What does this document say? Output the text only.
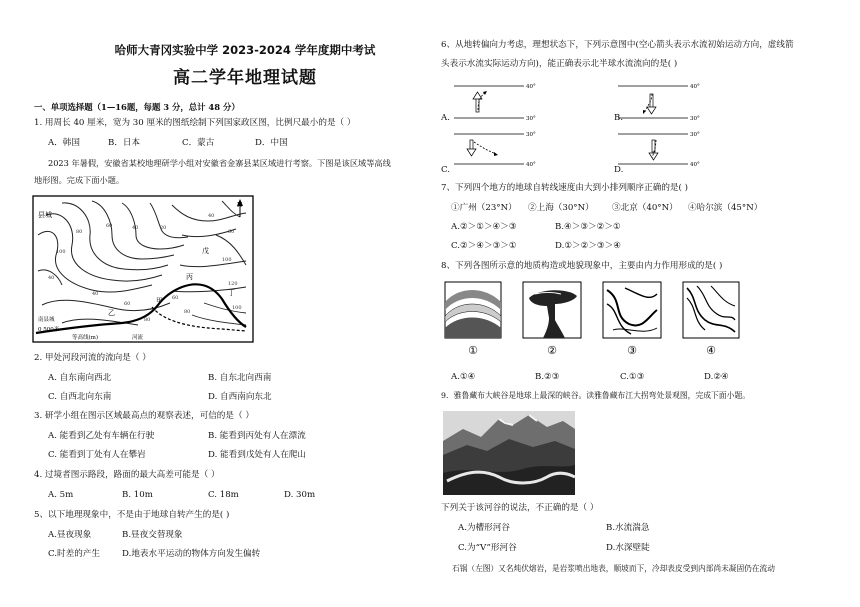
哈师大青冈实验中学 2023-2024 学年度期中考试
高二学年地理试题
一、单项选择题（1—16题，每题 3 分，总计 48 分）
1. 用周长 40 厘米，宽为 30 厘米的图纸绘制下列国家政区图，比例尺最小的是（ ）
A．韩国	B．日本	C．蒙古	D．中国
2023 年暑假，安徽省某校地理研学小组对安徽省金寨县某区域进行考察。下图是该区域等高线
地形图。完成下面小题。
N
县城
甲
乙
丙
丁
戊
南县城
0 500米
等高线(m)	河流
100
80
60	40	20
40
60
100
120
100
80
60
40
40
60
80
2. 甲处河段河流的流向是（ ）
A. 自东南向西北	B. 自东北向西南
C. 自西北向东南	D. 自西南向东北
3. 研学小组在图示区域最高点的观察表述，可信的是（ ）
A. 能看到乙处有车辆在行驶	B. 能看到丙处有人在漂流
C. 能看到丁处有人在攀岩	D. 能看到戊处有人在爬山
4. 过境者图示路段，路面的最大高差可能是（ ）
A. 5m	B. 10m	C. 18m	D. 30m
5、以下地理现象中，不是由于地球自转产生的是( )
A.昼夜现象	B.昼夜交替现象
C.时差的产生	D.地表水平运动的物体方向发生偏转
6、从地转偏向力考虑，理想状态下，下列示意图中(空心箭头表示水流初始运动方向，虚线箭
头表示水流实际运动方向)，能正确表示北半球水流流向的是( )
40°
30°
40°
30°
30°
40°
30°
40°
A.	B.
C.	D.
7、下列四个地方的地球自转线速度由大到小排列顺序正确的是( )
①广州（23°N） ②上海（30°N） ③北京（40°N） ④哈尔滨（45°N）
A.②＞①＞④＞③	B.④＞③＞②＞①
C.②＞④＞③＞①	D.①＞②＞③＞④
8、下列各图所示意的地质构造或地貌现象中，主要由内力作用形成的是( )
①	②	③	④
A.①④	B.②③	C.①③	D.②④
9．雅鲁藏布大峡谷是地球上最深的峡谷。读雅鲁藏布江大拐弯处景观图，完成下面小题。
下列关于该河谷的说法，不正确的是（ ）
A.为槽形河谷	B.水流湍急
C.为“V”形河谷	D.水深壁陡
石锅（左图）又名炖伏熔岩，是岩浆喷出地表，顺坡而下，冷却表皮受到内部尚未凝固仍在流动
